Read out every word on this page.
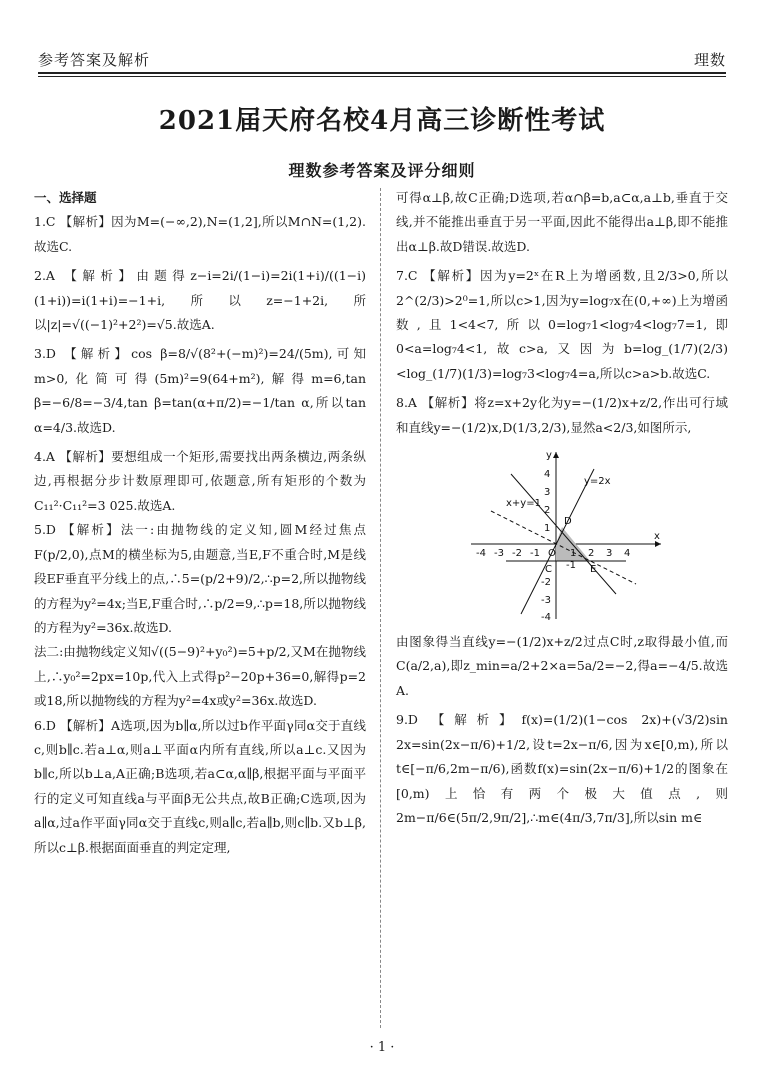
参考答案及解析	理数
2021届天府名校4月高三诊断性考试
理数参考答案及评分细则

一、选择题

1.C 【解析】因为M=(−∞,2),N=(1,2],所以M∩N=(1,2).故选C.

2.A 【解析】由题得z−i=2i/(1−i)=2i(1+i)/((1−i)(1+i))=i(1+i)=−1+i,所以z=−1+2i,所以|z|=√((−1)²+2²)=√5.故选A.

3.D 【解析】cos β=8/√(8²+(−m)²)=24/(5m),可知m>0,化简可得(5m)²=9(64+m²),解得m=6,tan β=−6/8=−3/4,tan β=tan(α+π/2)=−1/tan α,所以tan α=4/3.故选D.

4.A 【解析】要想组成一个矩形,需要找出两条横边,两条纵边,再根据分步计数原理即可,依题意,所有矩形的个数为C₁₁²·C₁₁²=3 025.故选A.

5.D 【解析】法一:由抛物线的定义知,圆M经过焦点F(p/2,0),点M的横坐标为5,由题意,当E,F不重合时,M是线段EF垂直平分线上的点,∴5=(p/2+9)/2,∴p=2,所以抛物线的方程为y²=4x;当E,F重合时,∴p/2=9,∴p=18,所以抛物线的方程为y²=36x.故选D.

法二:由抛物线定义知√((5−9)²+y₀²)=5+p/2,又M在抛物线上,∴y₀²=2px=10p,代入上式得p²−20p+36=0,解得p=2或18,所以抛物线的方程为y²=4x或y²=36x.故选D.

6.D 【解析】A选项,因为b∥α,所以过b作平面γ同α交于直线c,则b∥c.若a⊥α,则a⊥平面α内所有直线,所以a⊥c.又因为b∥c,所以b⊥a,A正确;B选项,若a⊂α,α∥β,根据平面与平面平行的定义可知直线a与平面β无公共点,故B正确;C选项,因为a∥α,过a作平面γ同α交于直线c,则a∥c,若a∥b,则c∥b.又b⊥β,所以c⊥β.根据面面垂直的判定定理,

可得α⊥β,故C正确;D选项,若α∩β=b,a⊂α,a⊥b,垂直于交线,并不能推出垂直于另一平面,因此不能得出a⊥β,即不能推出α⊥β.故D错误.故选D.

7.C 【解析】因为y=2ˣ在R上为增函数,且2/3>0,所以2^(2/3)>2⁰=1,所以c>1,因为y=log₇x在(0,+∞)上为增函数,且1<4<7,所以0=log₇1<log₇4<log₇7=1,即0<a=log₇4<1,故c>a,又因为b=log_(1/7)(2/3)<log_(1/7)(1/3)=log₇3<log₇4=a,所以c>a>b.故选C.

8.A 【解析】将z=x+2y化为y=−(1/2)x+z/2,作出可行域和直线y=−(1/2)x,D(1/3,2/3),显然a<2/3,如图所示,

y
x
y=2x
x+y=1
D
C	E
O
-4 -3 -2 -1	1 2 3 4
4
3
2
1
-2
-3
-4
-1

由图象得当直线y=−(1/2)x+z/2过点C时,z取得最小值,而C(a/2,a),即z_min=a/2+2×a=5a/2=−2,得a=−4/5.故选A.

9.D 【解析】f(x)=(1/2)(1−cos 2x)+(√3/2)sin 2x=sin(2x−π/6)+1/2,设t=2x−π/6,因为x∈[0,m),所以t∈[−π/6,2m−π/6),函数f(x)=sin(2x−π/6)+1/2的图象在[0,m)上恰有两个极大值点,则2m−π/6∈(5π/2,9π/2],∴m∈(4π/3,7π/3],所以sin m∈

· 1 ·
